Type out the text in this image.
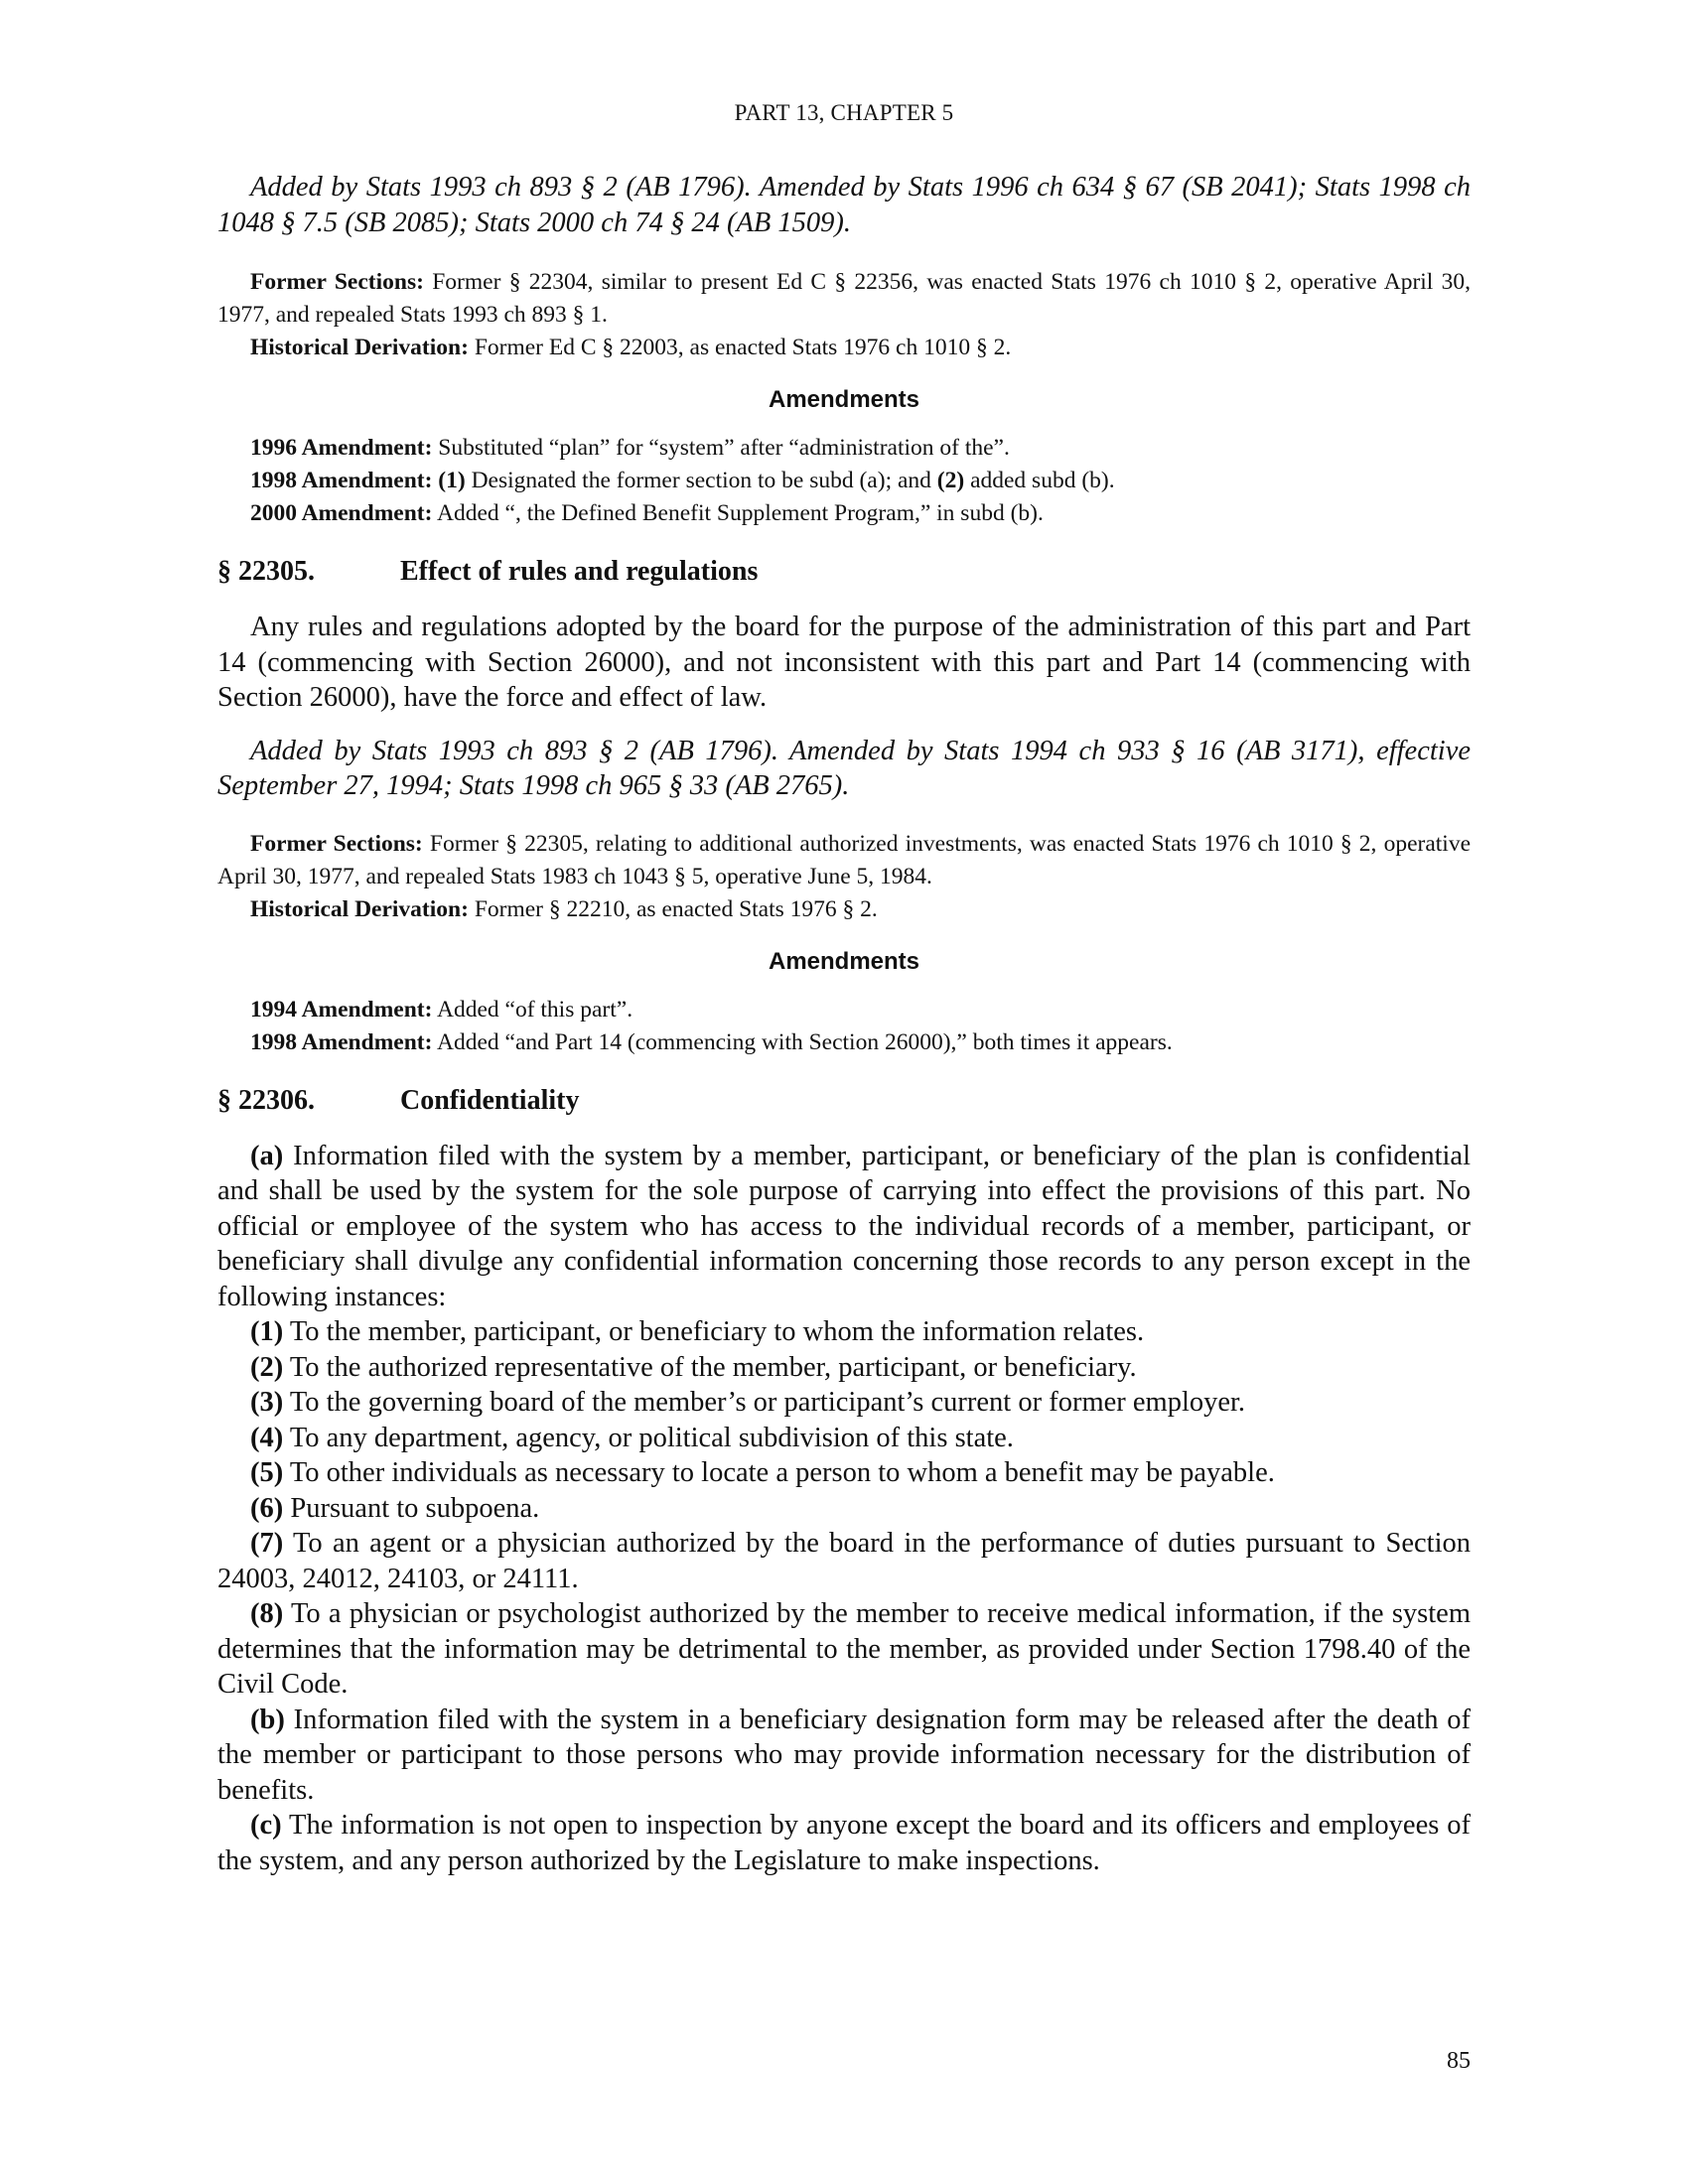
PART 13, CHAPTER 5

Added by Stats 1993 ch 893 § 2 (AB 1796). Amended by Stats 1996 ch 634 § 67 (SB 2041); Stats 1998 ch 1048 § 7.5 (SB 2085); Stats 2000 ch 74 § 24 (AB 1509).

Former Sections: Former § 22304, similar to present Ed C § 22356, was enacted Stats 1976 ch 1010 § 2, operative April 30, 1977, and repealed Stats 1993 ch 893 § 1.

Historical Derivation: Former Ed C § 22003, as enacted Stats 1976 ch 1010 § 2.

Amendments

1996 Amendment: Substituted “plan” for “system” after “administration of the”.

1998 Amendment: (1) Designated the former section to be subd (a); and (2) added subd (b).

2000 Amendment: Added “, the Defined Benefit Supplement Program,” in subd (b).

§ 22305.	Effect of rules and regulations

Any rules and regulations adopted by the board for the purpose of the administration of this part and Part 14 (commencing with Section 26000), and not inconsistent with this part and Part 14 (commencing with Section 26000), have the force and effect of law.

Added by Stats 1993 ch 893 § 2 (AB 1796). Amended by Stats 1994 ch 933 § 16 (AB 3171), effective September 27, 1994; Stats 1998 ch 965 § 33 (AB 2765).

Former Sections: Former § 22305, relating to additional authorized investments, was enacted Stats 1976 ch 1010 § 2, operative April 30, 1977, and repealed Stats 1983 ch 1043 § 5, operative June 5, 1984.

Historical Derivation: Former § 22210, as enacted Stats 1976 § 2.

Amendments

1994 Amendment: Added “of this part”.

1998 Amendment: Added “and Part 14 (commencing with Section 26000),” both times it appears.

§ 22306.	Confidentiality

(a) Information filed with the system by a member, participant, or beneficiary of the plan is confidential and shall be used by the system for the sole purpose of carrying into effect the provisions of this part. No official or employee of the system who has access to the individual records of a member, participant, or beneficiary shall divulge any confidential information concerning those records to any person except in the following instances:

(1) To the member, participant, or beneficiary to whom the information relates.

(2) To the authorized representative of the member, participant, or beneficiary.

(3) To the governing board of the member’s or participant’s current or former employer.

(4) To any department, agency, or political subdivision of this state.

(5) To other individuals as necessary to locate a person to whom a benefit may be payable.

(6) Pursuant to subpoena.

(7) To an agent or a physician authorized by the board in the performance of duties pursuant to Section 24003, 24012, 24103, or 24111.

(8) To a physician or psychologist authorized by the member to receive medical information, if the system determines that the information may be detrimental to the member, as provided under Section 1798.40 of the Civil Code.

(b) Information filed with the system in a beneficiary designation form may be released after the death of the member or participant to those persons who may provide information necessary for the distribution of benefits.

(c) The information is not open to inspection by anyone except the board and its officers and employees of the system, and any person authorized by the Legislature to make inspections.

85
